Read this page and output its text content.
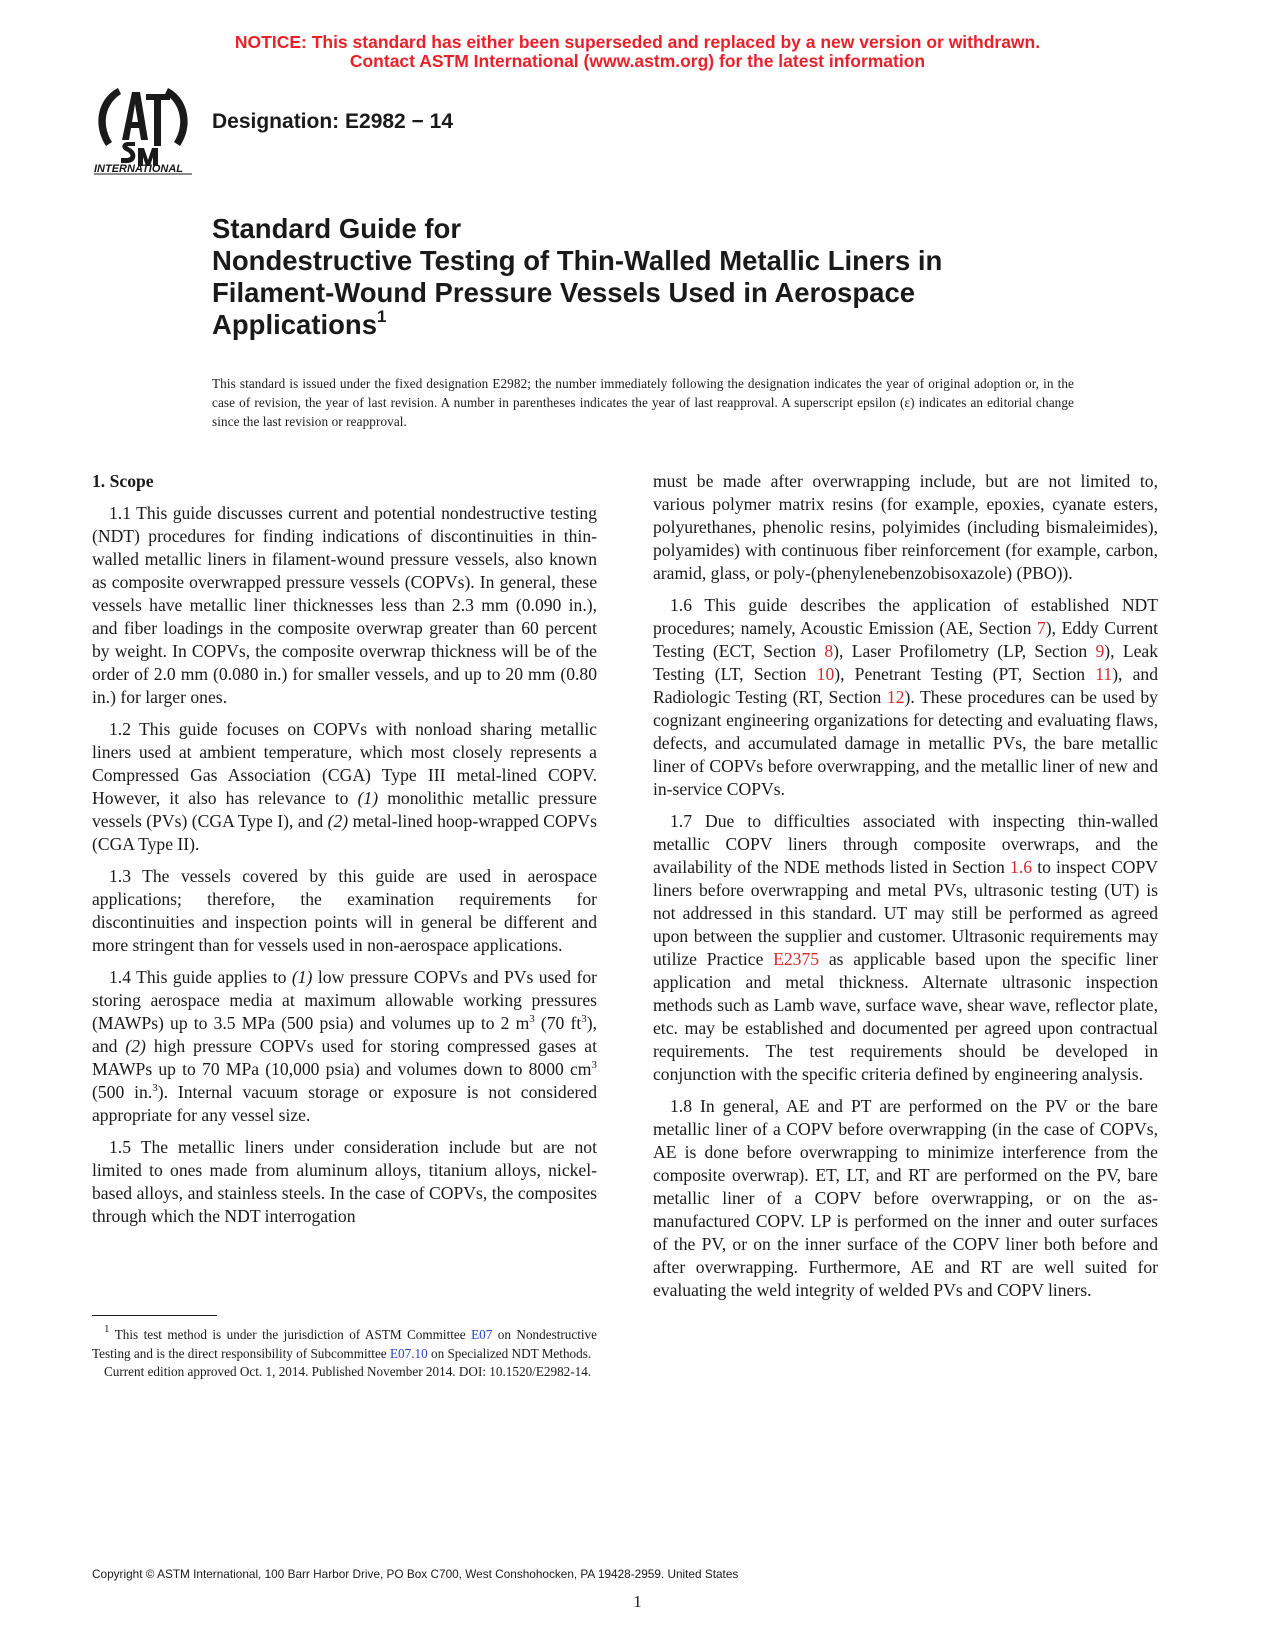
NOTICE: This standard has either been superseded and replaced by a new version or withdrawn.
Contact ASTM International (www.astm.org) for the latest information
INTERNATIONAL
Designation: E2982 − 14
Standard Guide for
Nondestructive Testing of Thin-Walled Metallic Liners in
Filament-Wound Pressure Vessels Used in Aerospace
Applications$^1$
This standard is issued under the fixed designation E2982; the number immediately following the designation indicates the year of original adoption or, in the case of revision, the year of last revision. A number in parentheses indicates the year of last reapproval. A superscript epsilon (ε) indicates an editorial change since the last revision or reapproval.
1. Scope

1.1 This guide discusses current and potential nondestructive testing (NDT) procedures for finding indications of discontinuities in thin-walled metallic liners in filament-wound pressure vessels, also known as composite overwrapped pressure vessels (COPVs). In general, these vessels have metallic liner thicknesses less than 2.3 mm (0.090 in.), and fiber loadings in the composite overwrap greater than 60 percent by weight. In COPVs, the composite overwrap thickness will be of the order of 2.0 mm (0.080 in.) for smaller vessels, and up to 20 mm (0.80 in.) for larger ones.

1.2 This guide focuses on COPVs with nonload sharing metallic liners used at ambient temperature, which most closely represents a Compressed Gas Association (CGA) Type III metal-lined COPV. However, it also has relevance to (1) monolithic metallic pressure vessels (PVs) (CGA Type I), and (2) metal-lined hoop-wrapped COPVs (CGA Type II).

1.3 The vessels covered by this guide are used in aerospace applications; therefore, the examination requirements for discontinuities and inspection points will in general be different and more stringent than for vessels used in non-aerospace applications.

1.4 This guide applies to (1) low pressure COPVs and PVs used for storing aerospace media at maximum allowable working pressures (MAWPs) up to 3.5 MPa (500 psia) and volumes up to 2 $m^3$ (70 $ft^3$), and (2) high pressure COPVs used for storing compressed gases at MAWPs up to 70 MPa (10,000 psia) and volumes down to 8000 $cm^3$ (500 in.$^3$). Internal vacuum storage or exposure is not considered appropriate for any vessel size.

1.5 The metallic liners under consideration include but are not limited to ones made from aluminum alloys, titanium alloys, nickel-based alloys, and stainless steels. In the case of COPVs, the composites through which the NDT interrogation

must be made after overwrapping include, but are not limited to, various polymer matrix resins (for example, epoxies, cyanate esters, polyurethanes, phenolic resins, polyimides (including bismaleimides), polyamides) with continuous fiber reinforcement (for example, carbon, aramid, glass, or poly-(phenylenebenzobisoxazole) (PBO)).

1.6 This guide describes the application of established NDT procedures; namely, Acoustic Emission (AE, Section 7), Eddy Current Testing (ECT, Section 8), Laser Profilometry (LP, Section 9), Leak Testing (LT, Section 10), Penetrant Testing (PT, Section 11), and Radiologic Testing (RT, Section 12). These procedures can be used by cognizant engineering organizations for detecting and evaluating flaws, defects, and accumulated damage in metallic PVs, the bare metallic liner of COPVs before overwrapping, and the metallic liner of new and in-service COPVs.

1.7 Due to difficulties associated with inspecting thin-walled metallic COPV liners through composite overwraps, and the availability of the NDE methods listed in Section 1.6 to inspect COPV liners before overwrapping and metal PVs, ultrasonic testing (UT) is not addressed in this standard. UT may still be performed as agreed upon between the supplier and customer. Ultrasonic requirements may utilize Practice E2375 as applicable based upon the specific liner application and metal thickness. Alternate ultrasonic inspection methods such as Lamb wave, surface wave, shear wave, reflector plate, etc. may be established and documented per agreed upon contractual requirements. The test requirements should be developed in conjunction with the specific criteria defined by engineering analysis.

1.8 In general, AE and PT are performed on the PV or the bare metallic liner of a COPV before overwrapping (in the case of COPVs, AE is done before overwrapping to minimize interference from the composite overwrap). ET, LT, and RT are performed on the PV, bare metallic liner of a COPV before overwrapping, or on the as-manufactured COPV. LP is performed on the inner and outer surfaces of the PV, or on the inner surface of the COPV liner both before and after overwrapping. Furthermore, AE and RT are well suited for evaluating the weld integrity of welded PVs and COPV liners.

$^1$ This test method is under the jurisdiction of ASTM Committee E07 on Nondestructive Testing and is the direct responsibility of Subcommittee E07.10 on Specialized NDT Methods.

Current edition approved Oct. 1, 2014. Published November 2014. DOI: 10.1520/E2982-14.

Copyright © ASTM International, 100 Barr Harbor Drive, PO Box C700, West Conshohocken, PA 19428-2959. United States
1
